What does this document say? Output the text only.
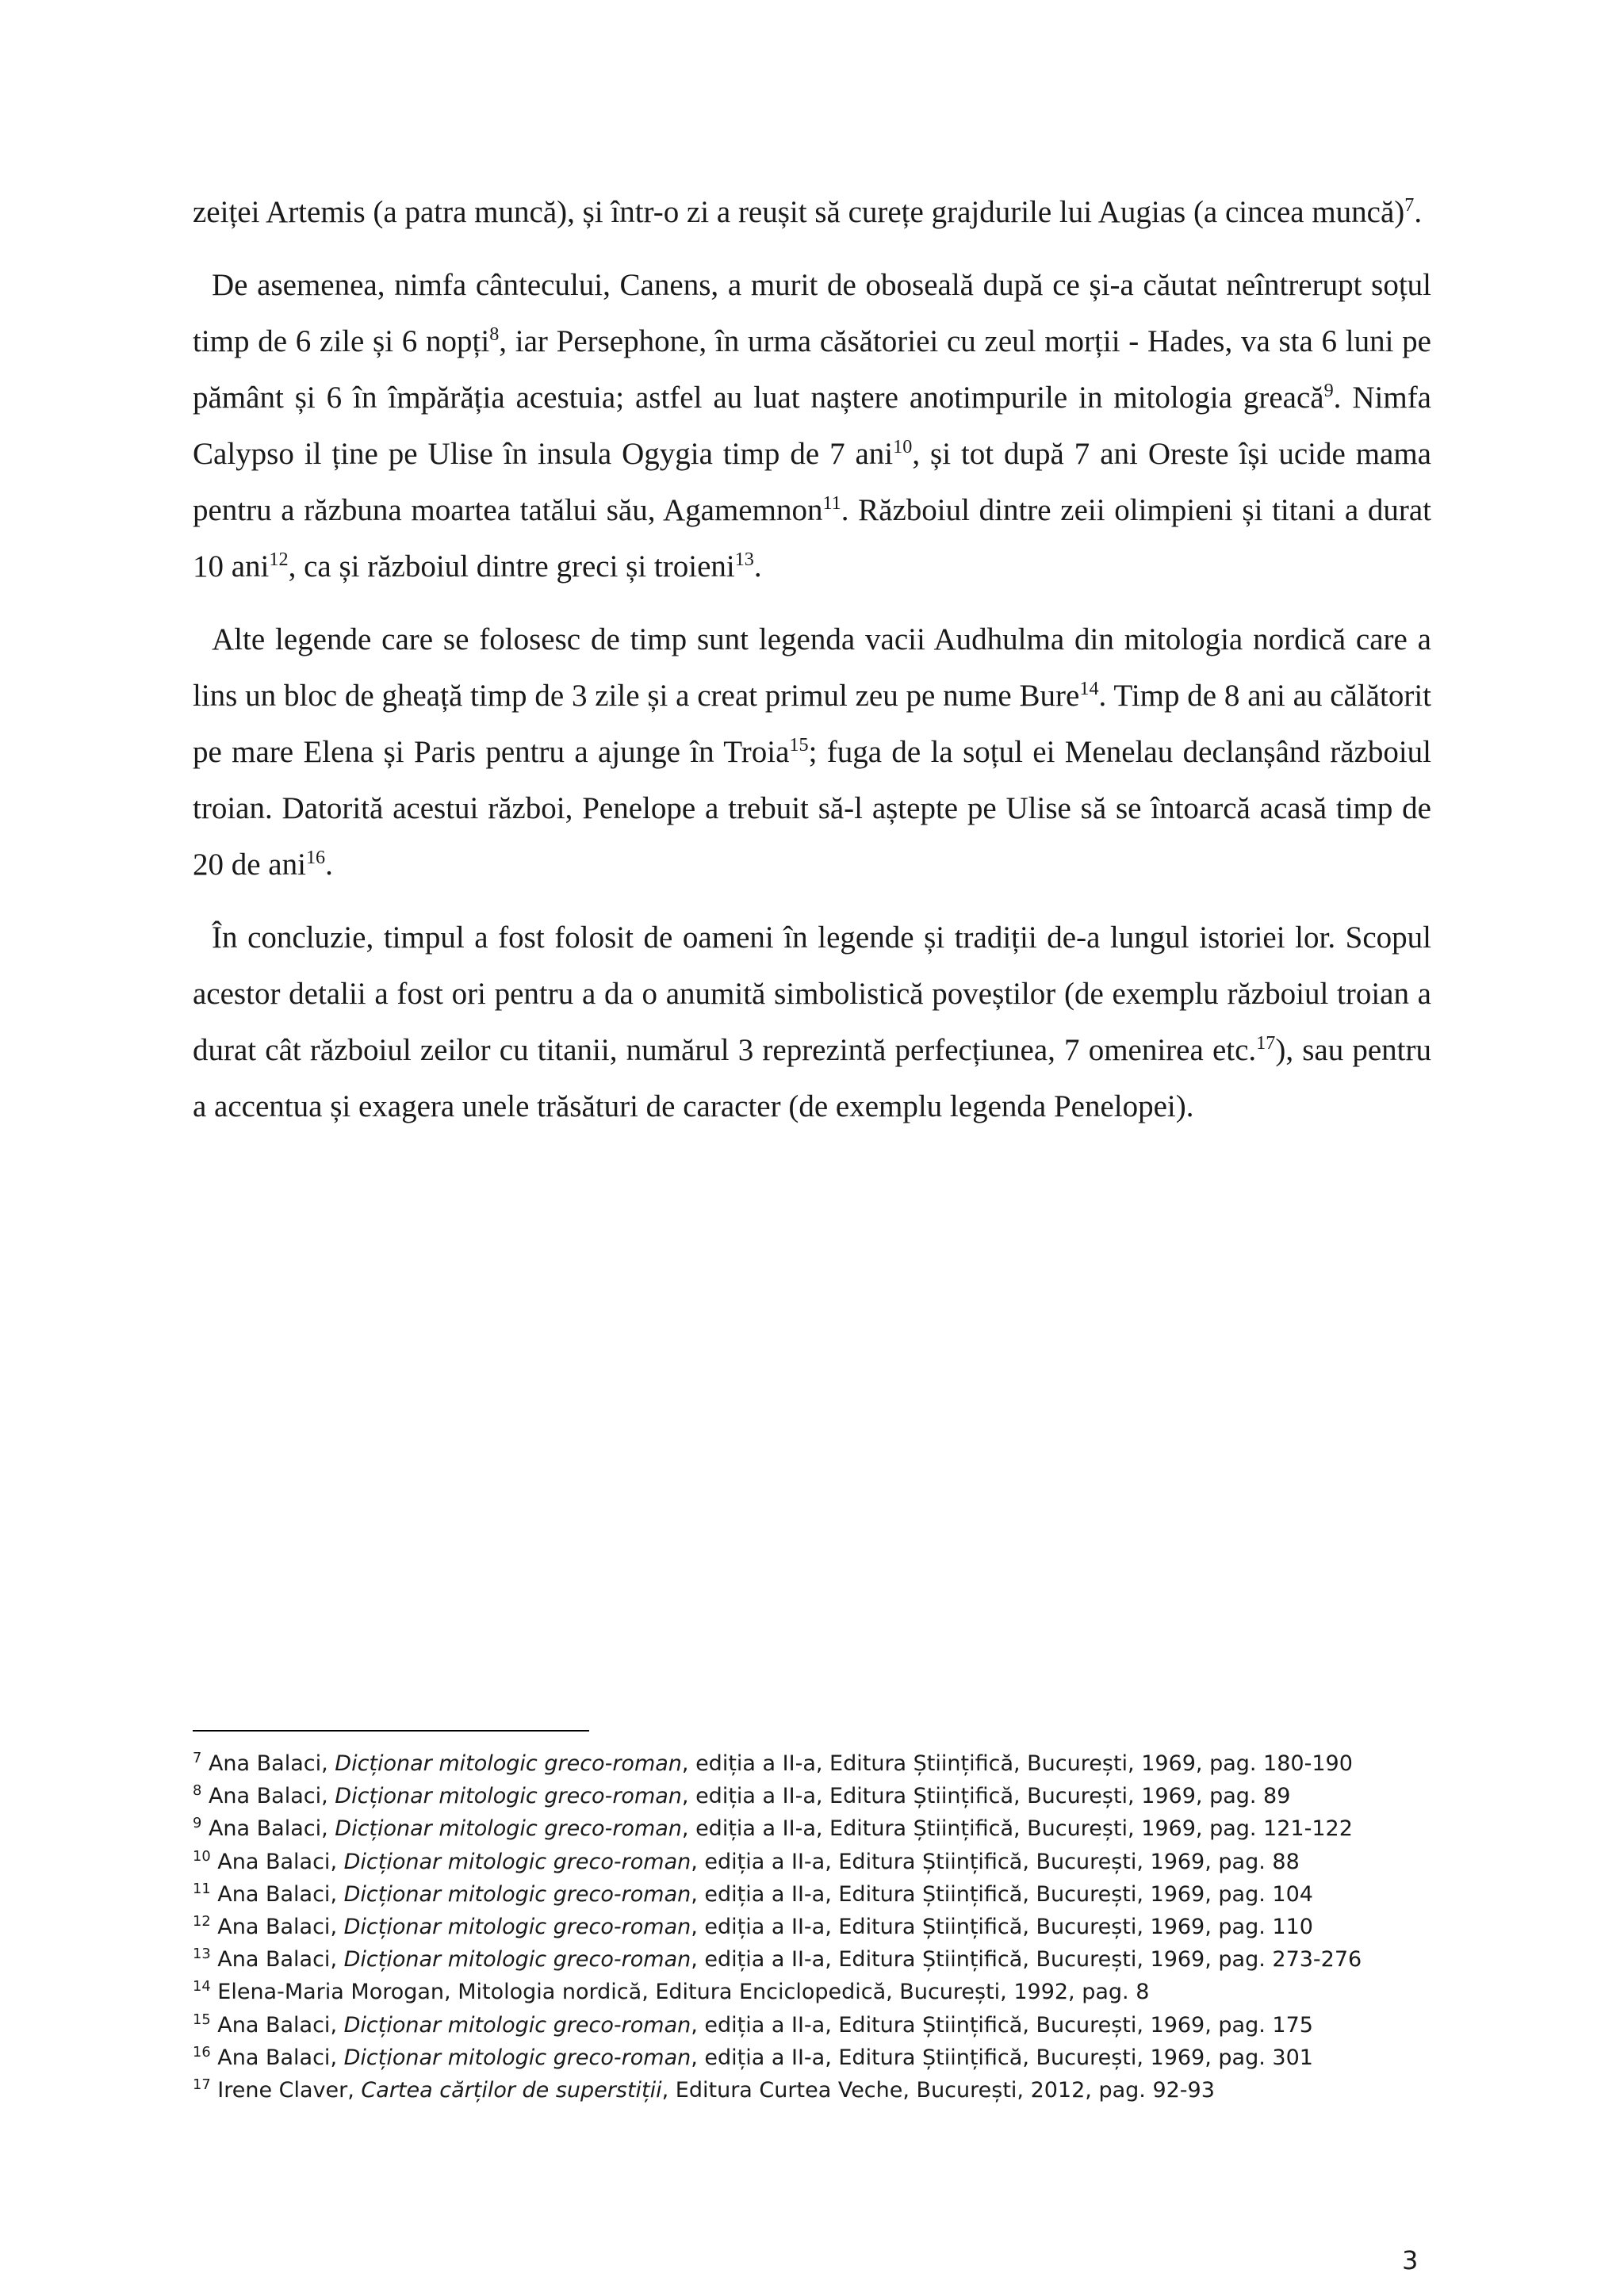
zeiței Artemis (a patra muncă), și într-o zi a reușit să curețe grajdurile lui Augias (a cincea muncă)$^7$.

De asemenea, nimfa cântecului, Canens, a murit de oboseală după ce și-a căutat neîntrerupt soțul timp de 6 zile și 6 nopți$^8$, iar Persephone, în urma căsătoriei cu zeul morții - Hades, va sta 6 luni pe pământ și 6 în împărăția acestuia; astfel au luat naștere anotimpurile in mitologia greacă$^9$. Nimfa Calypso il ține pe Ulise în insula Ogygia timp de 7 ani$^{10}$, și tot după 7 ani Oreste își ucide mama pentru a răzbuna moartea tatălui său, Agamemnon$^{11}$. Războiul dintre zeii olimpieni și titani a durat 10 ani$^{12}$, ca și războiul dintre greci și troieni$^{13}$.

Alte legende care se folosesc de timp sunt legenda vacii Audhulma din mitologia nordică care a lins un bloc de gheață timp de 3 zile și a creat primul zeu pe nume Bure$^{14}$. Timp de 8 ani au călătorit pe mare Elena și Paris pentru a ajunge în Troia$^{15}$; fuga de la soțul ei Menelau declanșând războiul troian. Datorită acestui război, Penelope a trebuit să-l aștepte pe Ulise să se întoarcă acasă timp de 20 de ani$^{16}$.

În concluzie, timpul a fost folosit de oameni în legende și tradiții de-a lungul istoriei lor. Scopul acestor detalii a fost ori pentru a da o anumită simbolistică poveștilor (de exemplu războiul troian a durat cât războiul zeilor cu titanii, numărul 3 reprezintă perfecțiunea, 7 omenirea etc.$^{17}$), sau pentru a accentua și exagera unele trăsături de caracter (de exemplu legenda Penelopei).

$^7$ Ana Balaci, Dicționar mitologic greco-roman, ediția a II-a, Editura Științifică, București, 1969, pag. 180-190
$^8$ Ana Balaci, Dicționar mitologic greco-roman, ediția a II-a, Editura Științifică, București, 1969, pag. 89
$^9$ Ana Balaci, Dicționar mitologic greco-roman, ediția a II-a, Editura Științifică, București, 1969, pag. 121-122
$^{10}$ Ana Balaci, Dicționar mitologic greco-roman, ediția a II-a, Editura Științifică, București, 1969, pag. 88
$^{11}$ Ana Balaci, Dicționar mitologic greco-roman, ediția a II-a, Editura Științifică, București, 1969, pag. 104
$^{12}$ Ana Balaci, Dicționar mitologic greco-roman, ediția a II-a, Editura Științifică, București, 1969, pag. 110
$^{13}$ Ana Balaci, Dicționar mitologic greco-roman, ediția a II-a, Editura Științifică, București, 1969, pag. 273-276
$^{14}$ Elena-Maria Morogan, Mitologia nordică, Editura Enciclopedică, București, 1992, pag. 8
$^{15}$ Ana Balaci, Dicționar mitologic greco-roman, ediția a II-a, Editura Științifică, București, 1969, pag. 175
$^{16}$ Ana Balaci, Dicționar mitologic greco-roman, ediția a II-a, Editura Științifică, București, 1969, pag. 301
$^{17}$ Irene Claver, Cartea cărților de superstiții, Editura Curtea Veche, București, 2012, pag. 92-93
3
